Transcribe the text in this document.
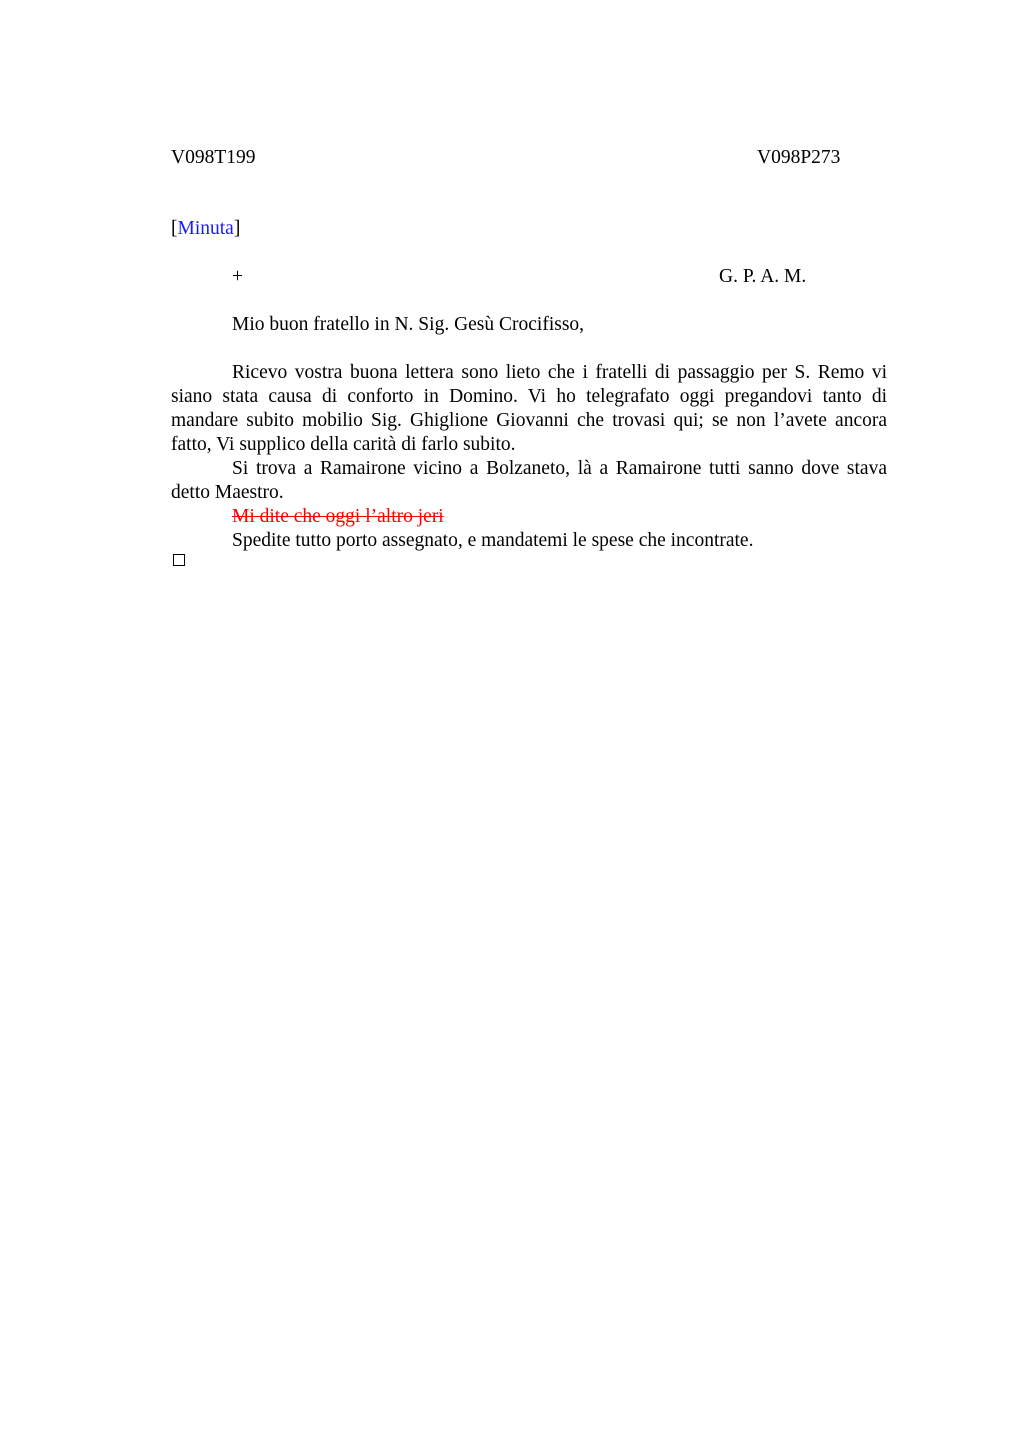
V098T199	V098P273
[Minuta]
+	G. P. A. M.
Mio buon fratello in N. Sig. Gesù Crocifisso,

Ricevo vostra buona lettera sono lieto che i fratelli di passaggio per S. Remo vi siano stata causa di conforto in Domino. Vi ho telegrafato oggi pregandovi tanto di mandare subito mobilio Sig. Ghiglione Giovanni che trovasi qui; se non l’avete ancora fatto, Vi supplico della carità di farlo subito.

Si trova a Ramairone vicino a Bolzaneto, là a Ramairone tutti sanno dove stava detto Maestro.

Mi dite che oggi l’altro jeri

Spedite tutto porto assegnato, e mandatemi le spese che incontrate.
